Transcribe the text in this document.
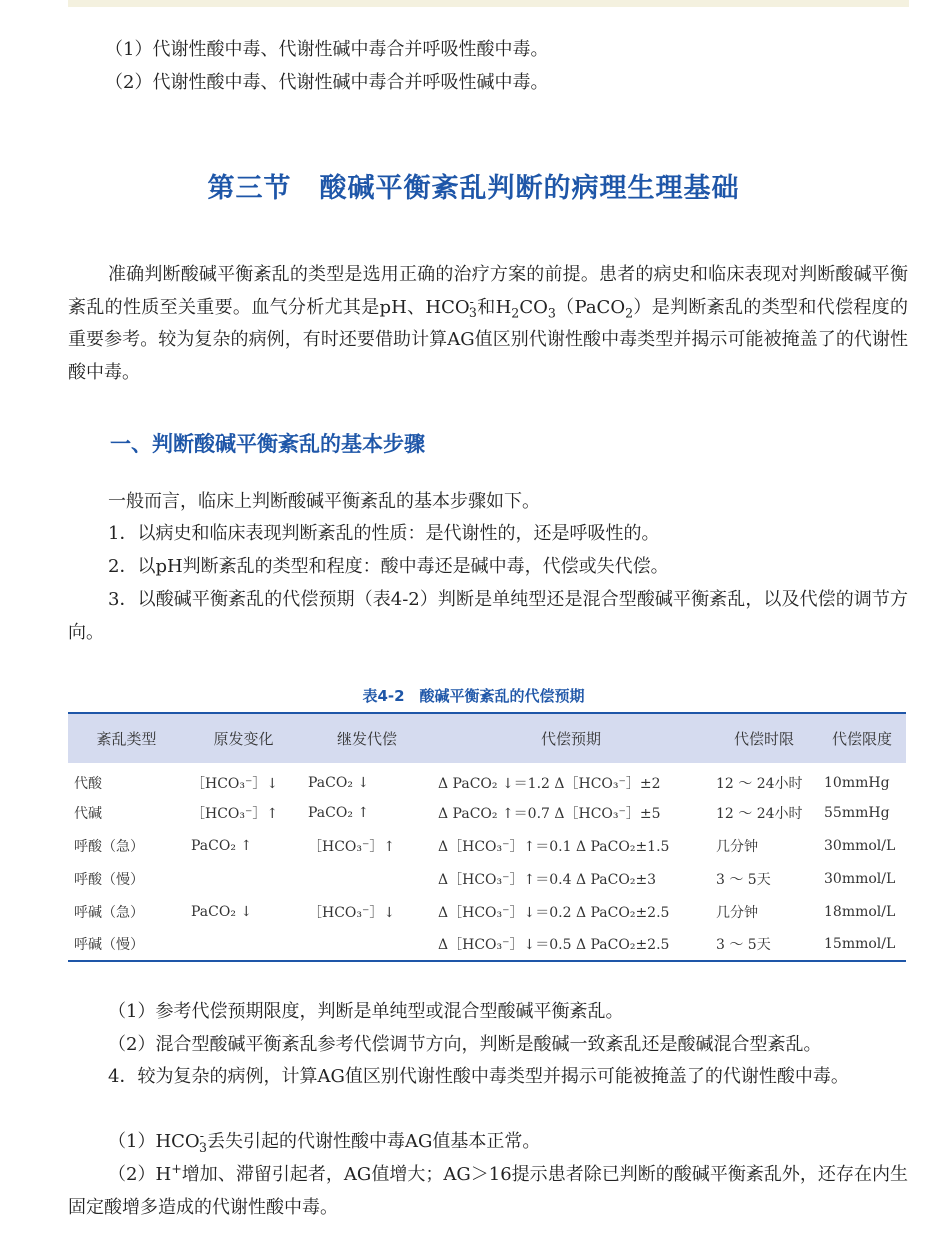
（1）代谢性酸中毒、代谢性碱中毒合并呼吸性酸中毒。

（2）代谢性酸中毒、代谢性碱中毒合并呼吸性碱中毒。

第三节　酸碱平衡紊乱判断的病理生理基础

准确判断酸碱平衡紊乱的类型是选用正确的治疗方案的前提。患者的病史和临床表现对判断酸碱平衡紊乱的性质至关重要。血气分析尤其是pH、$HCO^-_3$和$H_2CO_3(PaCO_2)$是判断紊乱的类型和代偿程度的重要参考。较为复杂的病例，有时还要借助计算AG值区别代谢性酸中毒类型并揭示可能被掩盖了的代谢性酸中毒。

一、判断酸碱平衡紊乱的基本步骤

一般而言，临床上判断酸碱平衡紊乱的基本步骤如下。

1．以病史和临床表现判断紊乱的性质：是代谢性的，还是呼吸性的。

2．以pH判断紊乱的类型和程度：酸中毒还是碱中毒，代偿或失代偿。

3．以酸碱平衡紊乱的代偿预期（表4-2）判断是单纯型还是混合型酸碱平衡紊乱，以及代偿的调节方向。

表4-2　酸碱平衡紊乱的代偿预期

紊乱类型	原发变化	继发代偿	代偿预期	代偿时限	代偿限度
代酸	［HCO₃⁻］↓	PaCO₂ ↓	Δ PaCO₂ ↓＝1.2 Δ［HCO₃⁻］±2	12 ～ 24小时	10mmHg
代碱	［HCO₃⁻］↑	PaCO₂ ↑	Δ PaCO₂ ↑＝0.7 Δ［HCO₃⁻］±5	12 ～ 24小时	55mmHg
呼酸（急）	PaCO₂ ↑	［HCO₃⁻］↑	Δ［HCO₃⁻］↑＝0.1 Δ PaCO₂±1.5	几分钟	30mmol/L
呼酸（慢）			Δ［HCO₃⁻］↑＝0.4 Δ PaCO₂±3	3 ～ 5天	30mmol/L
呼碱（急）	PaCO₂ ↓	［HCO₃⁻］↓	Δ［HCO₃⁻］↓＝0.2 Δ PaCO₂±2.5	几分钟	18mmol/L
呼碱（慢）			Δ［HCO₃⁻］↓＝0.5 Δ PaCO₂±2.5	3 ～ 5天	15mmol/L

（1）参考代偿预期限度，判断是单纯型或混合型酸碱平衡紊乱。

（2）混合型酸碱平衡紊乱参考代偿调节方向，判断是酸碱一致紊乱还是酸碱混合型紊乱。

4．较为复杂的病例，计算AG值区别代谢性酸中毒类型并揭示可能被掩盖了的代谢性酸中毒。

$(1)HCO^-_3$丢失引起的代谢性酸中毒AG值基本正常。

（2）H+增加、滞留引起者，AG值增大；AG＞16提示患者除已判断的酸碱平衡紊乱外，还存在内生固定酸增多造成的代谢性酸中毒。
